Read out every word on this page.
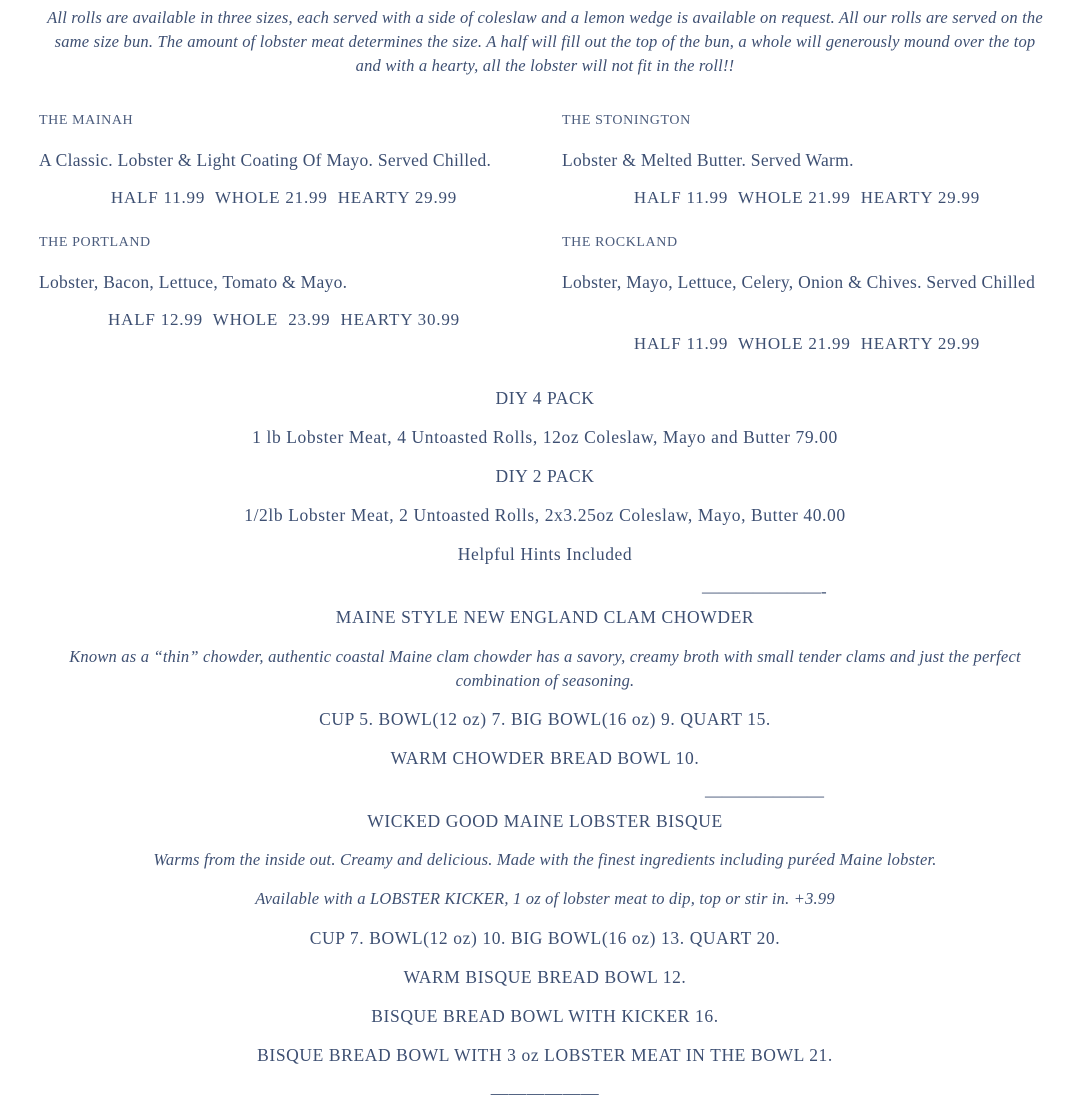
All rolls are available in three sizes, each served with a side of coleslaw and a lemon wedge is available on request. All our rolls are served on the same size bun. The amount of lobster meat determines the size. A half will fill out the top of the bun, a whole will generously mound over the top and with a hearty, all the lobster will not fit in the roll!!
THE MAINAH
A Classic. Lobster & Light Coating Of Mayo. Served Chilled.
HALF 11.99  WHOLE 21.99  HEARTY 29.99
THE STONINGTON
Lobster & Melted Butter. Served Warm.
HALF 11.99  WHOLE 21.99  HEARTY 29.99
THE PORTLAND
Lobster, Bacon, Lettuce, Tomato & Mayo.
HALF 12.99  WHOLE  23.99  HEARTY 30.99
THE ROCKLAND
Lobster, Mayo, Lettuce, Celery, Onion & Chives. Served Chilled
HALF 11.99  WHOLE 21.99  HEARTY 29.99
DIY 4 PACK
1 lb Lobster Meat, 4 Untoasted Rolls, 12oz Coleslaw, Mayo and Butter 79.00
DIY 2 PACK
1/2lb Lobster Meat, 2 Untoasted Rolls, 2x3.25oz Coleslaw, Mayo, Butter 40.00
Helpful Hints Included
———————-
MAINE STYLE NEW ENGLAND CLAM CHOWDER
Known as a “thin” chowder, authentic coastal Maine clam chowder has a savory, creamy broth with small tender clams and just the perfect combination of seasoning.
CUP 5. BOWL(12 oz) 7. BIG BOWL(16 oz) 9. QUART 15.
WARM CHOWDER BREAD BOWL 10.
———————
WICKED GOOD MAINE LOBSTER BISQUE
Warms from the inside out. Creamy and delicious. Made with the finest ingredients including puréed Maine lobster.
Available with a LOBSTER KICKER, 1 oz of lobster meat to dip, top or stir in. +3.99
CUP 7. BOWL(12 oz) 10. BIG BOWL(16 oz) 13. QUART 20.
WARM BISQUE BREAD BOWL 12.
BISQUE BREAD BOWL WITH KICKER 16.
BISQUE BREAD BOWL WITH 3 oz LOBSTER MEAT IN THE BOWL 21.
——————
